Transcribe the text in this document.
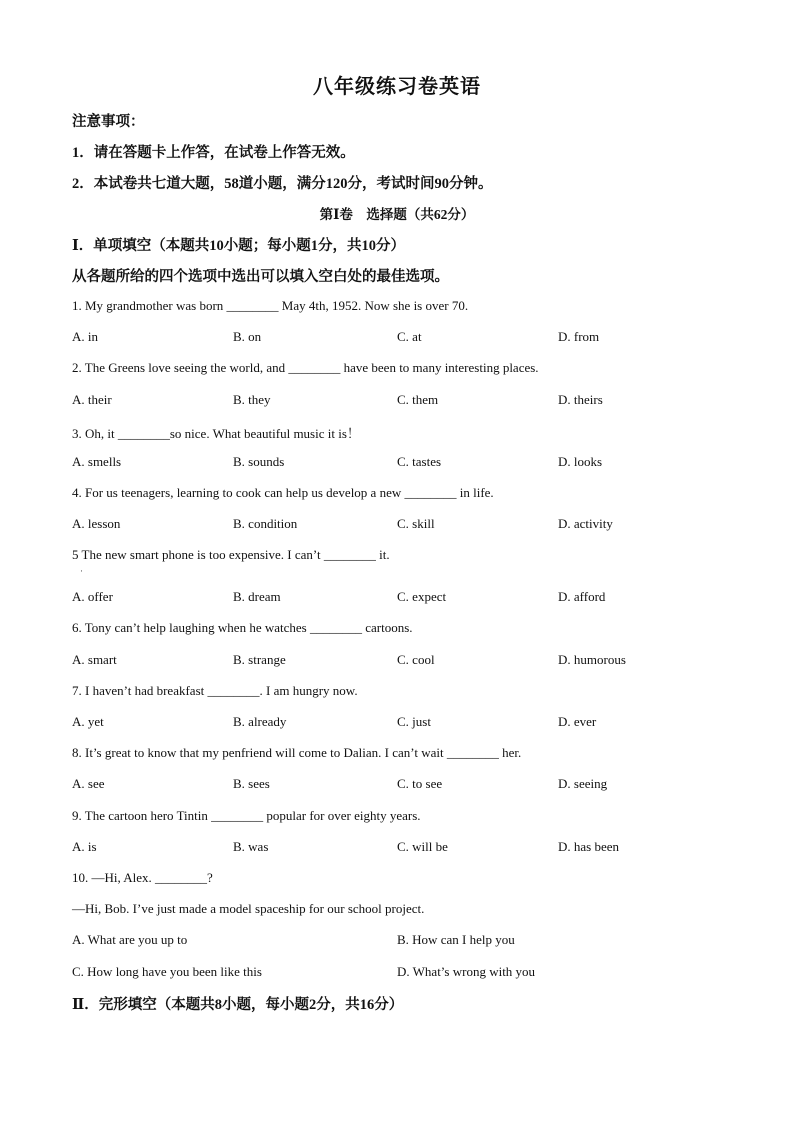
八年级练习卷英语
注意事项：
1．请在答题卡上作答，在试卷上作答无效。
2．本试卷共七道大题，58道小题，满分120分，考试时间90分钟。
第Ⅰ卷　选择题（共62分）
Ⅰ．单项填空（本题共10小题；每小题1分，共10分）
从各题所给的四个选项中选出可以填入空白处的最佳选项。
1. My grandmother was born ________ May 4th, 1952. Now she is over 70.
A. in	B. on	C. at	D. from
2. The Greens love seeing the world, and ________ have been to many interesting places.
A. their	B. they	C. them	D. theirs
3. Oh, it ________so nice. What beautiful music it is！
A. smells	B. sounds	C. tastes	D. looks
4. For us teenagers, learning to cook can help us develop a new ________ in life.
A. lesson	B. condition	C. skill	D. activity
5 The new smart phone is too expensive. I can’t ________ it.
·
A. offer	B. dream	C. expect	D. afford
6. Tony can’t help laughing when he watches ________ cartoons.
A. smart	B. strange	C. cool	D. humorous
7. I haven’t had breakfast ________. I am hungry now.
A. yet	B. already	C. just	D. ever
8. It’s great to know that my penfriend will come to Dalian. I can’t wait ________ her.
A. see	B. sees	C. to see	D. seeing
9. The cartoon hero Tintin ________ popular for over eighty years.
A. is	B. was	C. will be	D. has been
10. —Hi, Alex. ________?
—Hi, Bob. I’ve just made a model spaceship for our school project.
A. What are you up to	B. How can I help you
C. How long have you been like this	D. What’s wrong with you
Ⅱ．完形填空（本题共8小题，每小题2分，共16分）
